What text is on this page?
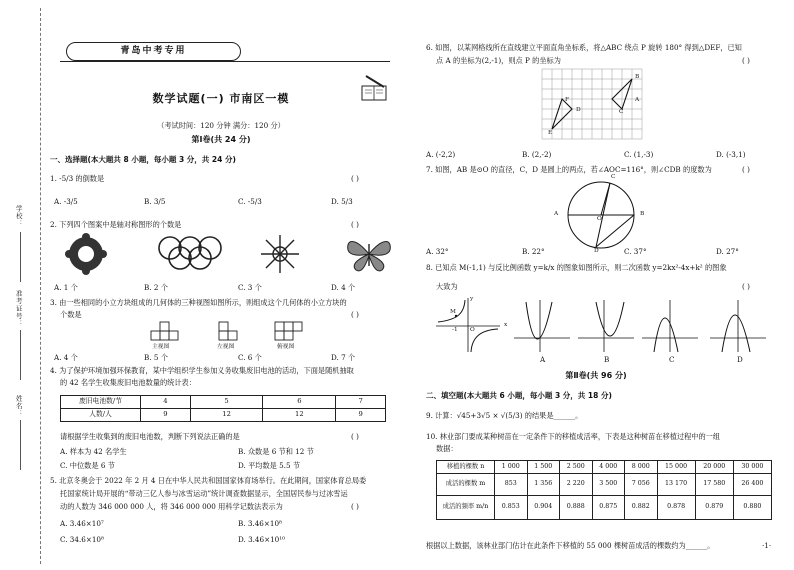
学校：
准考证号：
姓名：
青岛中考专用
数学试题(一) 市南区一模
（考试时间：120 分钟 满分：120 分）
第Ⅰ卷(共 24 分)
一、选择题(本大题共 8 小题，每小题 3 分，共 24 分)
1. -5/3 的倒数是	( )
A. -3/5	B. 3/5	C. -5/3	D. 5/3
2. 下列四个图案中是轴对称图形的个数是	( )
A. 1 个	B. 2 个	C. 3 个	D. 4 个
3. 由一些相同的小立方块组成的几何体的三种视图如图所示，则组成这个几何体的小立方块的
个数是	( )
主视图	左视图	俯视图
A. 4 个	B. 5 个	C. 6 个	D. 7 个
4. 为了保护环境加强环保教育，某中学组织学生参加义务收集废旧电池的活动，下面是随机抽取
的 42 名学生收集废旧电池数量的统计表：
废旧电池数/节	4	5	6	7
人数/人	9	12	12	9
请根据学生收集到的废旧电池数，判断下列说法正确的是	( )
A. 样本为 42 名学生	B. 众数是 6 节和 12 节
C. 中位数是 6 节	D. 平均数是 5.5 节
5. 北京冬奥会于 2022 年 2 月 4 日在中华人民共和国国家体育场举行。在此期间，国家体育总局委
托国家统计局开展的“带动三亿人参与冰雪运动”统计调查数据显示，全国居民参与过冰雪运
动的人数为 346 000 000 人，将 346 000 000 用科学记数法表示为	( )
A. 3.46×10⁷	B. 3.46×10⁸
C. 34.6×10⁸	D. 3.46×10¹⁰
6. 如图，以某网格线所在直线建立平面直角坐标系，将△ABC 绕点 P 旋转 180° 得到△DEF，已知
点 A 的坐标为(2,-1)，则点 P 的坐标为	( )
A
B
C
D
E
F
A. (-2,2)	B. (2,-2)	C. (1,-3)	D. (-3,1)
7. 如图，AB 是⊙O 的直径，C，D 是圆上的两点，若∠AOC=116°，则∠CDB 的度数为	( )
A	B
C
D
O
A. 32°	B. 22°	C. 37°	D. 27°
8. 已知点 M(-1,1) 与反比例函数 y=k/x 的图象如图所示，则二次函数 y=2kx²-4x+k² 的图象
大致为	( )
M
O
x
y
-1
A	B	C	D
第Ⅱ卷(共 96 分)
二、填空题(本大题共 6 小题，每小题 3 分，共 18 分)
9. 计算：√45+3√5 × √(5/3) 的结果是______。
10. 林业部门要成某种树苗在一定条件下的移植成活率，下表是这种树苗在移植过程中的一组
数据：
移植的棵数 n	1 000	1 500	2 500	4 000	8 000	15 000	20 000	30 000
成活的棵数 m	853	1 356	2 220	3 500	7 056	13 170	17 580	26 400
成活的频率 m/n	0.853	0.904	0.888	0.875	0.882	0.878	0.879	0.880
根据以上数据，该林业部门估计在此条件下移植的 55 000 棵树苗成活的棵数约为______。	·1·
